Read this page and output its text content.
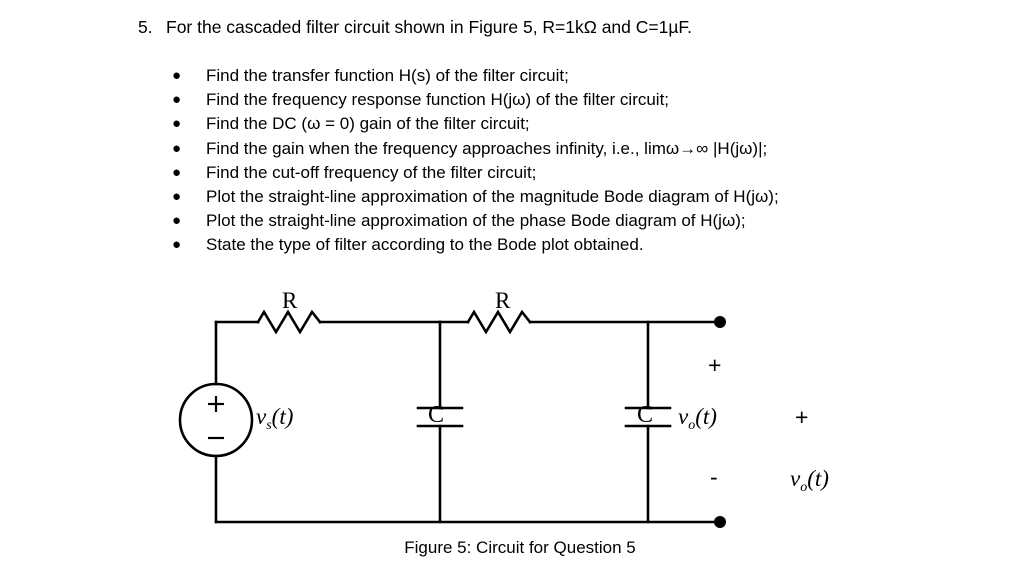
5. For the cascaded filter circuit shown in Figure 5, R=1kΩ and C=1µF.
●	Find the transfer function H(s) of the filter circuit;
●	Find the frequency response function H(jω) of the filter circuit;
●	Find the DC (ω = 0) gain of the filter circuit;
●	Find the gain when the frequency approaches infinity, i.e., limω→∞ |H(jω)|;
●	Find the cut-off frequency of the filter circuit;
●	Plot the straight-line approximation of the magnitude Bode diagram of H(jω);
●	Plot the straight-line approximation of the phase Bode diagram of H(jω);
●	State the type of filter according to the Bode plot obtained.
R	R
C	C
$v_s(t)$	$v_o(t)$
$v_o(t)$
+
-
+
Figure 5: Circuit for Question 5
